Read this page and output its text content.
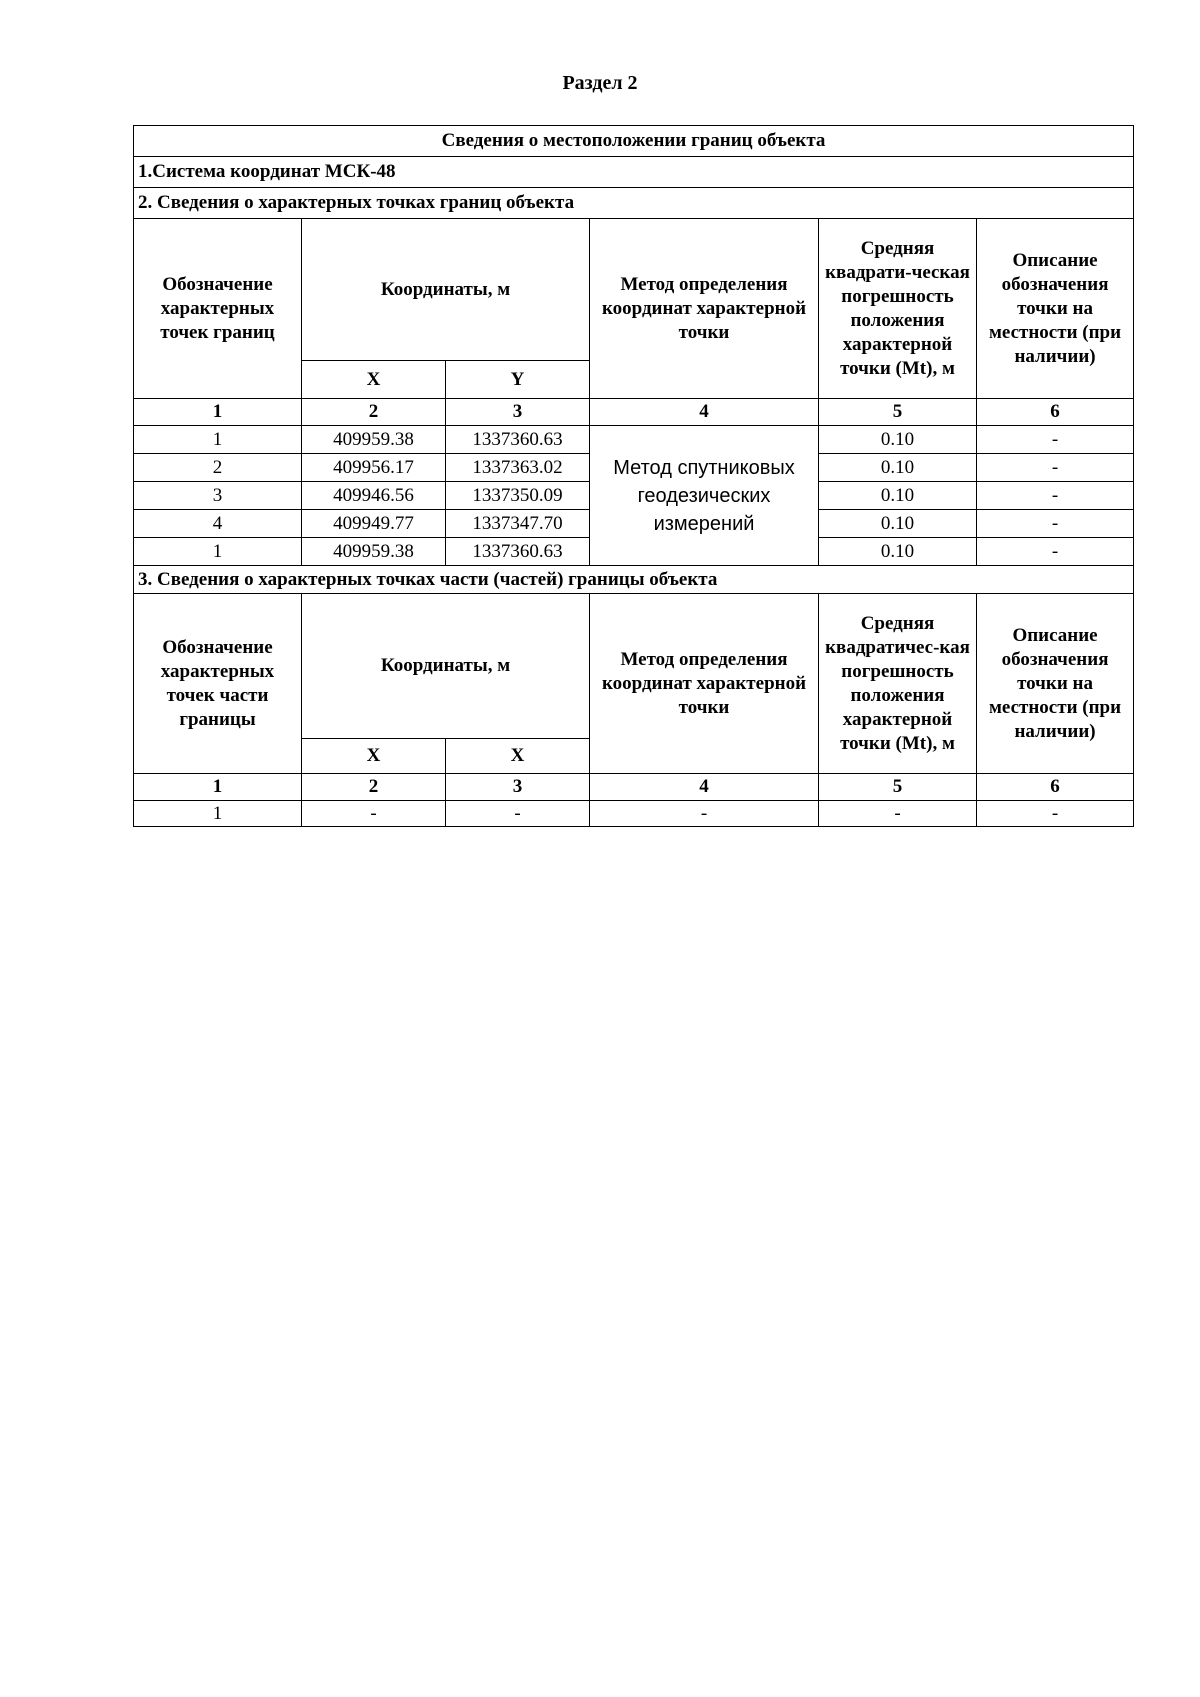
Раздел 2
Сведения о местоположении границ объекта					
1.Система координат МСК-48					
2. Сведения о характерных точках границ объекта					
Обозначение характерных точек границ	Координаты, м		Метод определения координат характерной точки	Средняя квадрати-ческая погрешность положения характерной точки (Mt), м	Описание обозначения точки на местности (при наличии)
	X	Y			
1	2	3	4	5	6
1	409959.38	1337360.63	Метод спутниковых геодезических измерений	0.10	-
2	409956.17	1337363.02		0.10	-
3	409946.56	1337350.09		0.10	-
4	409949.77	1337347.70		0.10	-
1	409959.38	1337360.63		0.10	-
3. Сведения о характерных точках части (частей) границы объекта					
Обозначение характерных точек части границы	Координаты, м		Метод определения координат характерной точки	Средняя квадратичес-кая погрешность положения характерной точки (Mt), м	Описание обозначения точки на местности (при наличии)
	X	X			
1	2	3	4	5	6
1	-	-	-	-	-
